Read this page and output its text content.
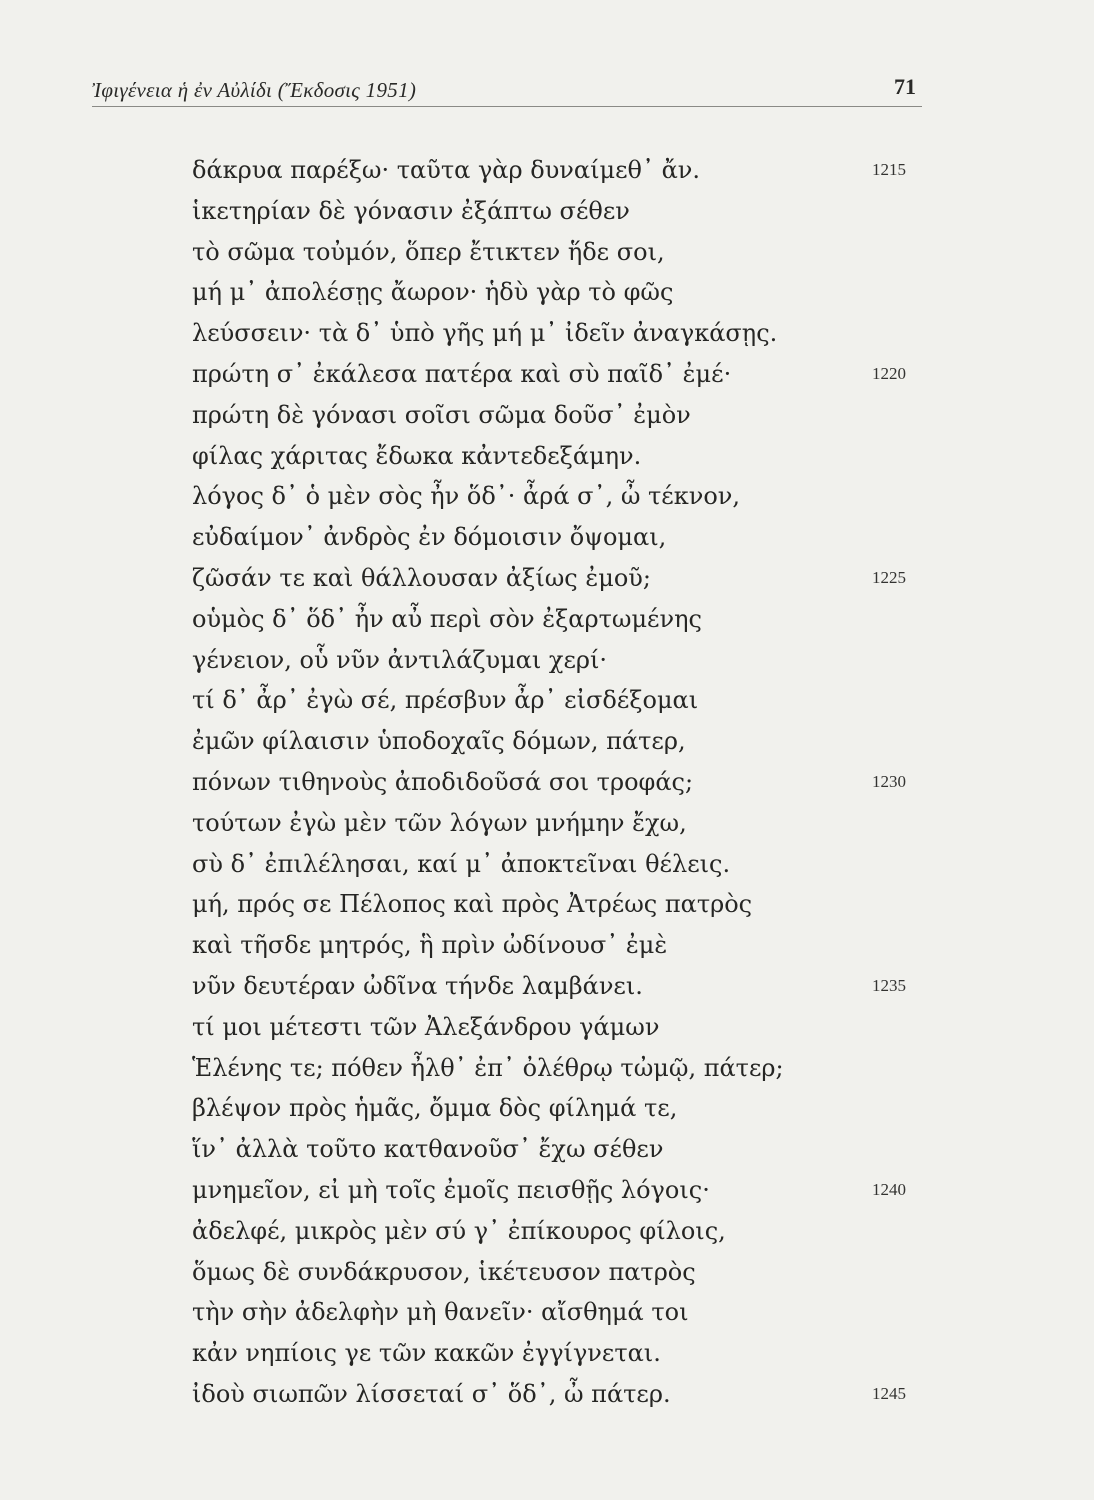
Ἰφιγένεια ἡ ἐν Αὐλίδι (Ἔκδοσις 1951)	71
δάκρυα παρέξω· ταῦτα γὰρ δυναίμεθ᾽ ἄν.	1215
ἱκετηρίαν δὲ γόνασιν ἐξάπτω σέθεν
τὸ σῶμα τοὐμόν, ὅπερ ἔτικτεν ἥδε σοι,
μή μ᾽ ἀπολέσῃς ἄωρον· ἡδὺ γὰρ τὸ φῶς
λεύσσειν· τὰ δ᾽ ὑπὸ γῆς μή μ᾽ ἰδεῖν ἀναγκάσῃς.
πρώτη σ᾽ ἐκάλεσα πατέρα καὶ σὺ παῖδ᾽ ἐμέ·	1220
πρώτη δὲ γόνασι σοῖσι σῶμα δοῦσ᾽ ἐμὸν
φίλας χάριτας ἔδωκα κἀντεδεξάμην.
λόγος δ᾽ ὁ μὲν σὸς ἦν ὅδ᾽· ἆρά σ᾽, ὦ τέκνον,
εὐδαίμον᾽ ἀνδρὸς ἐν δόμοισιν ὄψομαι,
ζῶσάν τε καὶ θάλλουσαν ἀξίως ἐμοῦ;	1225
οὑμὸς δ᾽ ὅδ᾽ ἦν αὖ περὶ σὸν ἐξαρτωμένης
γένειον, οὗ νῦν ἀντιλάζυμαι χερί·
τί δ᾽ ἆρ᾽ ἐγὼ σέ, πρέσβυν ἆρ᾽ εἰσδέξομαι
ἐμῶν φίλαισιν ὑποδοχαῖς δόμων, πάτερ,
πόνων τιθηνοὺς ἀποδιδοῦσά σοι τροφάς;	1230
τούτων ἐγὼ μὲν τῶν λόγων μνήμην ἔχω,
σὺ δ᾽ ἐπιλέλησαι, καί μ᾽ ἀποκτεῖναι θέλεις.
μή, πρός σε Πέλοπος καὶ πρὸς Ἀτρέως πατρὸς
καὶ τῆσδε μητρός, ἣ πρὶν ὠδίνουσ᾽ ἐμὲ
νῦν δευτέραν ὠδῖνα τήνδε λαμβάνει.	1235
τί μοι μέτεστι τῶν Ἀλεξάνδρου γάμων
Ἑλένης τε; πόθεν ἦλθ᾽ ἐπ᾽ ὀλέθρῳ τὠμῷ, πάτερ;
βλέψον πρὸς ἡμᾶς, ὄμμα δὸς φίλημά τε,
ἵν᾽ ἀλλὰ τοῦτο κατθανοῦσ᾽ ἔχω σέθεν
μνημεῖον, εἰ μὴ τοῖς ἐμοῖς πεισθῇς λόγοις·	1240
ἀδελφέ, μικρὸς μὲν σύ γ᾽ ἐπίκουρος φίλοις,
ὅμως δὲ συνδάκρυσον, ἱκέτευσον πατρὸς
τὴν σὴν ἀδελφὴν μὴ θανεῖν· αἴσθημά τοι
κἀν νηπίοις γε τῶν κακῶν ἐγγίγνεται.
ἰδοὺ σιωπῶν λίσσεταί σ᾽ ὅδ᾽, ὦ πάτερ.	1245
